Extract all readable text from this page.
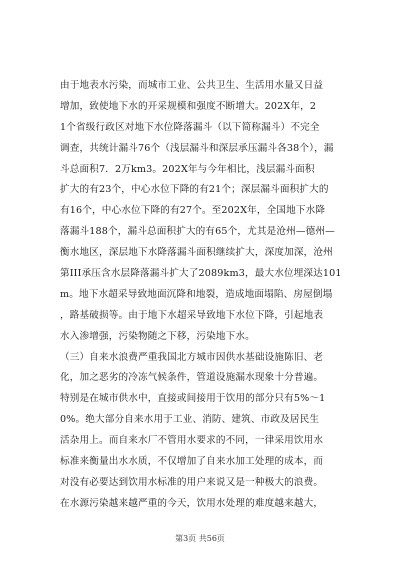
由于地表水污染，而城市工业、公共卫生、生活用水量又日益
增加，致使地下水的开采规模和强度不断增大。202X年，2
1个省级行政区对地下水位降落漏斗（以下简称漏斗）不完全
调查，共统计漏斗76个（浅层漏斗和深层承压漏斗各38个），漏
斗总面积7．2万km3。202X年与今年相比，浅层漏斗面积
扩大的有23个，中心水位下降的有21个；深层漏斗面积扩大的
有16个，中心水位下降的有27个。至202X年，全国地下水降
落漏斗188个，漏斗总面积扩大的有65个，尤其是沧州—德州—
衡水地区，深层地下水降落漏斗面积继续扩大，深度加深，沧州
第III承压含水层降落漏斗扩大了2089km3，最大水位埋深达101
m。地下水超采导致地面沉降和地裂，造成地面塌陷、房屋倒塌
，路基破损等。由于地下水超采导致地下水位下降，引起地表
水入渗增强，污染物随之下移，污染地下水。
（三）自来水浪费严重我国北方城市因供水基础设施陈旧、老
化，加之恶劣的冷冻气候条件，管道设施漏水现象十分普遍。
特别是在城市供水中，直接或间接用于饮用的部分只有5%～1
0%。绝大部分自来水用于工业、消防、建筑、市政及居民生
活杂用上。而自来水厂不管用水要求的不同，一律采用饮用水
标准来衡量出水水质，不仅增加了自来水加工处理的成本，而
对没有必要达到饮用水标准的用户来说又是一种极大的浪费。
在水源污染越来越严重的今天，饮用水处理的难度越来越大，
第3页 共56页
